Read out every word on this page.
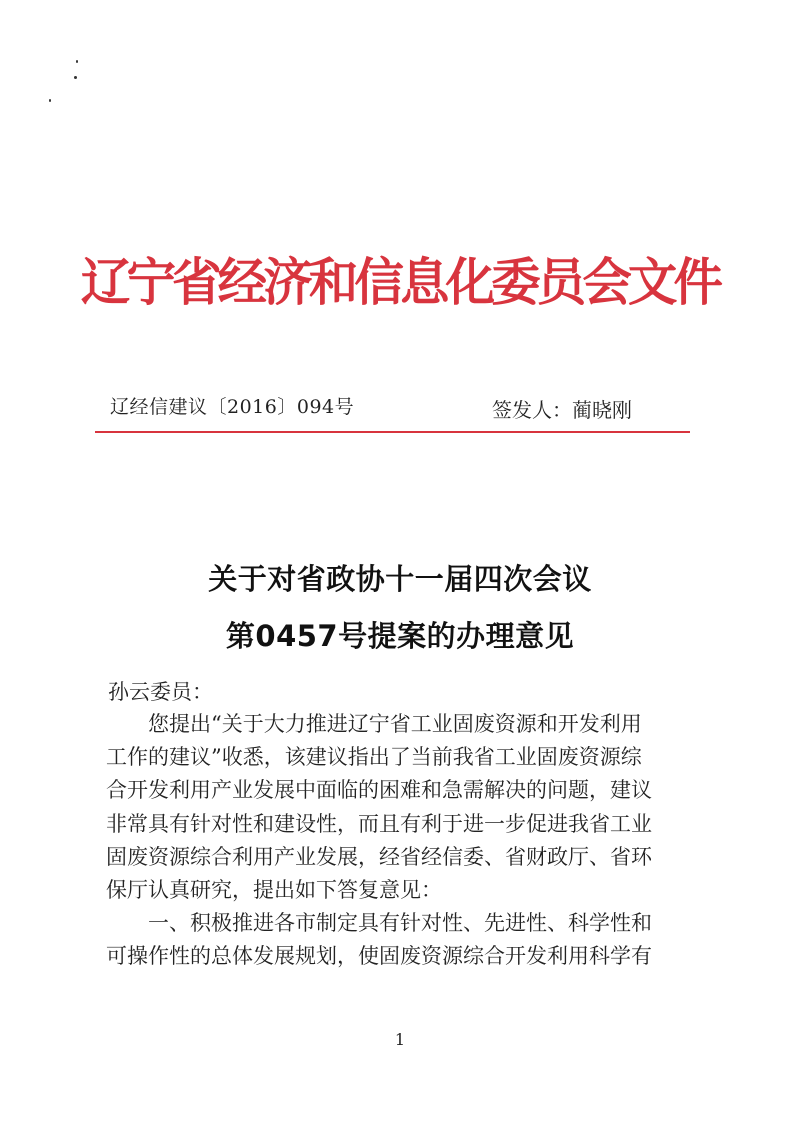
辽宁省经济和信息化委员会文件
辽经信建议〔2016〕094号	签发人：蔺晓刚
关于对省政协十一届四次会议
第0457号提案的办理意见
孙云委员：

您提出“关于大力推进辽宁省工业固废资源和开发利用
工作的建议”收悉，该建议指出了当前我省工业固废资源综
合开发利用产业发展中面临的困难和急需解决的问题，建议
非常具有针对性和建设性，而且有利于进一步促进我省工业
固废资源综合利用产业发展，经省经信委、省财政厅、省环
保厅认真研究，提出如下答复意见：

一、积极推进各市制定具有针对性、先进性、科学性和
可操作性的总体发展规划，使固废资源综合开发利用科学有

1
